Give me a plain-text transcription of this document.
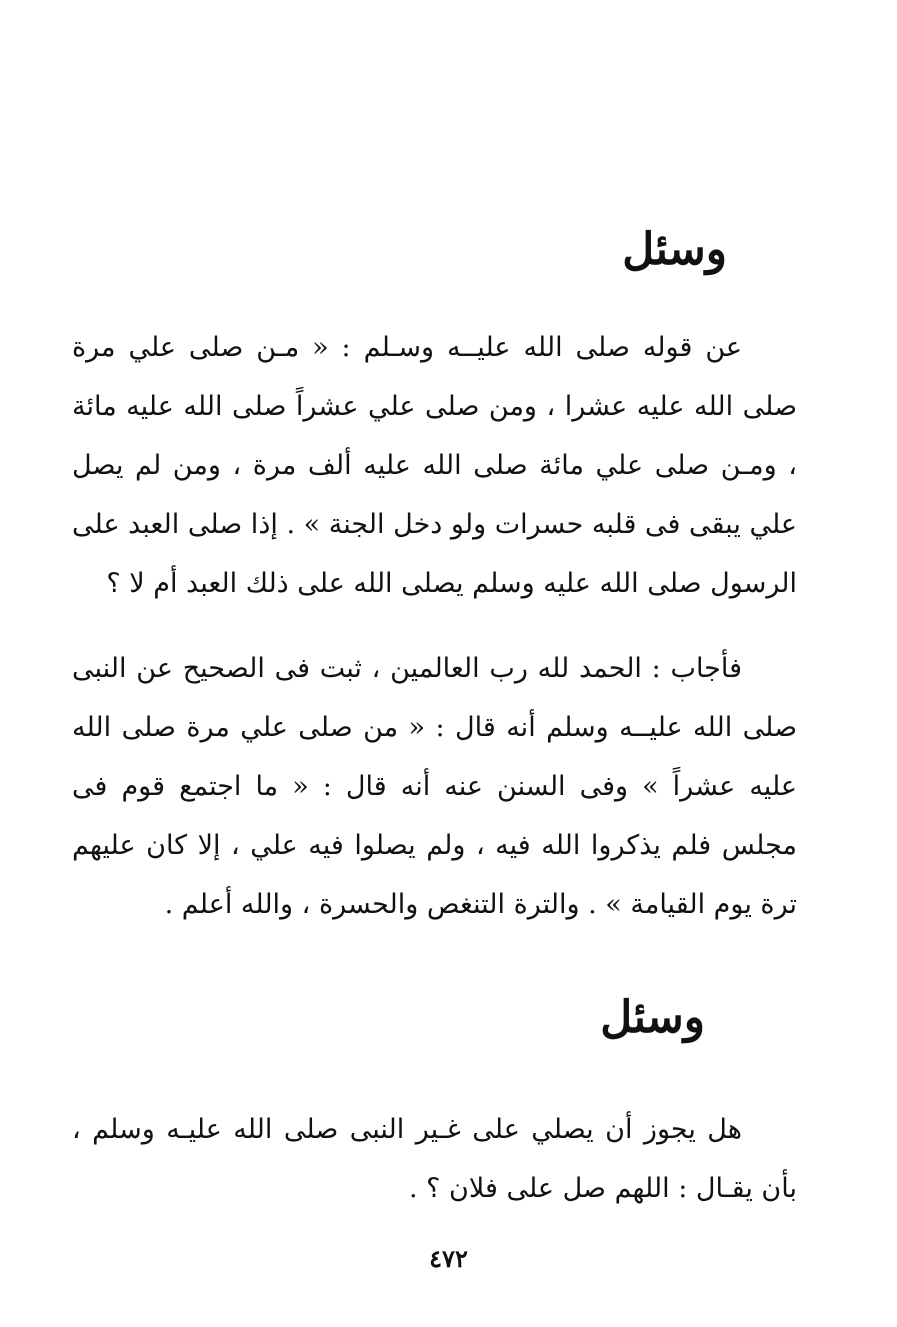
وسئل

عن قوله صلى الله عليــه وسـلم : « مـن صلى علي مرة صلى الله عليه عشرا ، ومن صلى علي عشراً صلى الله عليه مائة ، ومـن صلى علي مائة صلى الله عليه ألف مرة ، ومن لم يصل علي يبقى فى قلبه حسرات ولو دخل الجنة » . إذا صلى العبد على الرسول صلى الله عليه وسلم يصلى الله على ذلك العبد أم لا ؟

فأجاب : الحمد لله رب العالمين ، ثبت فى الصحيح عن النبى صلى الله عليــه وسلم أنه قال : « من صلى علي مرة صلى الله عليه عشراً » وفى السنن عنه أنه قال : « ما اجتمع قوم فى مجلس فلم يذكروا الله فيه ، ولم يصلوا فيه علي ، إلا كان عليهم ترة يوم القيامة » . والترة التنغص والحسرة ، والله أعلم .

وسئل

هل يجوز أن يصلي على غـير النبى صلى الله عليـه وسلم ، بأن يقـال : اللهم صل على فلان ؟ .

٤٧٢
